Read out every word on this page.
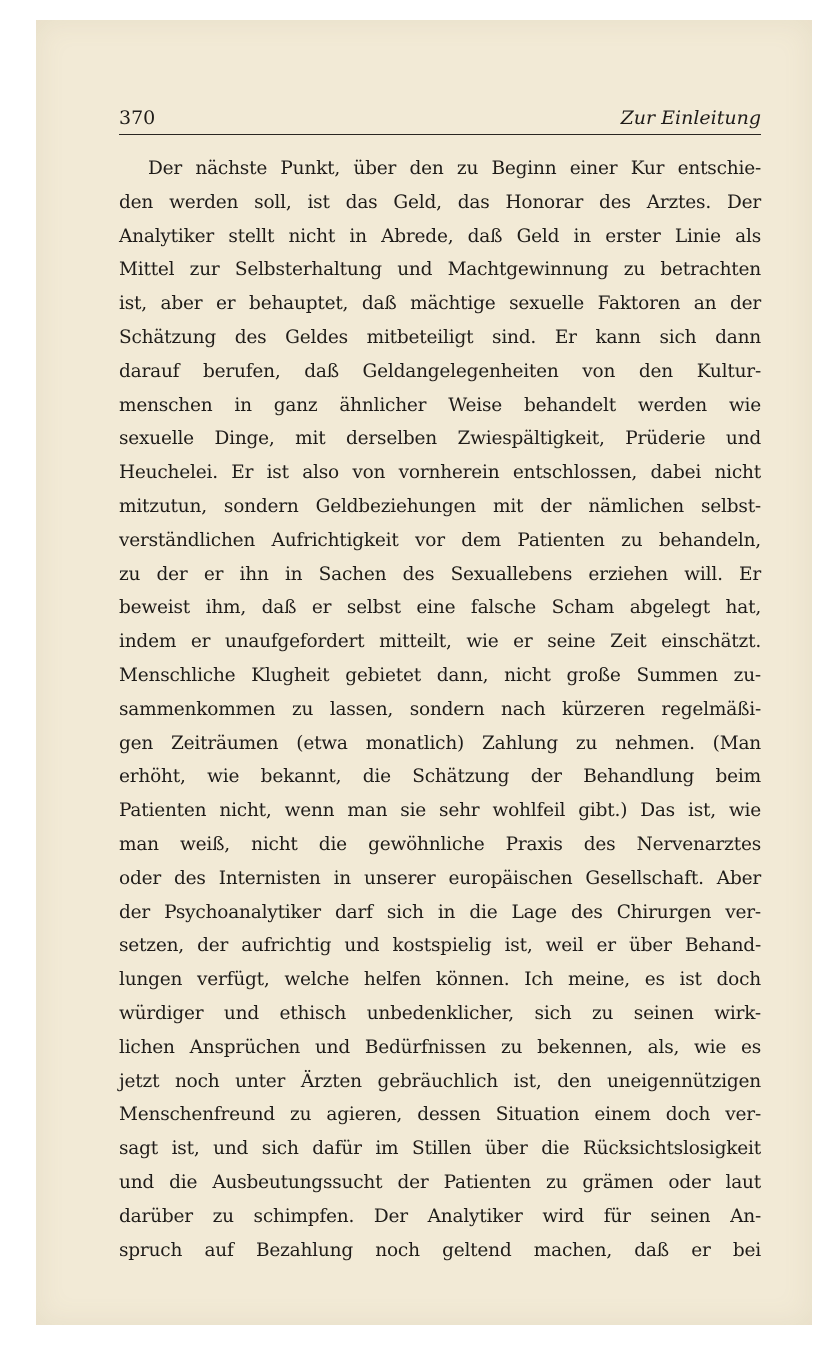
370	Zur Einleitung
Der nächste Punkt, über den zu Beginn einer Kur entschie-
den werden soll, ist das Geld, das Honorar des Arztes. Der
Analytiker stellt nicht in Abrede, daß Geld in erster Linie als
Mittel zur Selbsterhaltung und Machtgewinnung zu betrachten
ist, aber er behauptet, daß mächtige sexuelle Faktoren an der
Schätzung des Geldes mitbeteiligt sind. Er kann sich dann
darauf berufen, daß Geldangelegenheiten von den Kultur-
menschen in ganz ähnlicher Weise behandelt werden wie
sexuelle Dinge, mit derselben Zwiespältigkeit, Prüderie und
Heuchelei. Er ist also von vornherein entschlossen, dabei nicht
mitzutun, sondern Geldbeziehungen mit der nämlichen selbst-
verständlichen Aufrichtigkeit vor dem Patienten zu behandeln,
zu der er ihn in Sachen des Sexuallebens erziehen will. Er
beweist ihm, daß er selbst eine falsche Scham abgelegt hat,
indem er unaufgefordert mitteilt, wie er seine Zeit einschätzt.
Menschliche Klugheit gebietet dann, nicht große Summen zu-
sammenkommen zu lassen, sondern nach kürzeren regelmäßi-
gen Zeiträumen (etwa monatlich) Zahlung zu nehmen. (Man
erhöht, wie bekannt, die Schätzung der Behandlung beim
Patienten nicht, wenn man sie sehr wohlfeil gibt.) Das ist, wie
man weiß, nicht die gewöhnliche Praxis des Nervenarztes
oder des Internisten in unserer europäischen Gesellschaft. Aber
der Psychoanalytiker darf sich in die Lage des Chirurgen ver-
setzen, der aufrichtig und kostspielig ist, weil er über Behand-
lungen verfügt, welche helfen können. Ich meine, es ist doch
würdiger und ethisch unbedenklicher, sich zu seinen wirk-
lichen Ansprüchen und Bedürfnissen zu bekennen, als, wie es
jetzt noch unter Ärzten gebräuchlich ist, den uneigennützigen
Menschenfreund zu agieren, dessen Situation einem doch ver-
sagt ist, und sich dafür im Stillen über die Rücksichtslosigkeit
und die Ausbeutungssucht der Patienten zu grämen oder laut
darüber zu schimpfen. Der Analytiker wird für seinen An-
spruch auf Bezahlung noch geltend machen, daß er bei
